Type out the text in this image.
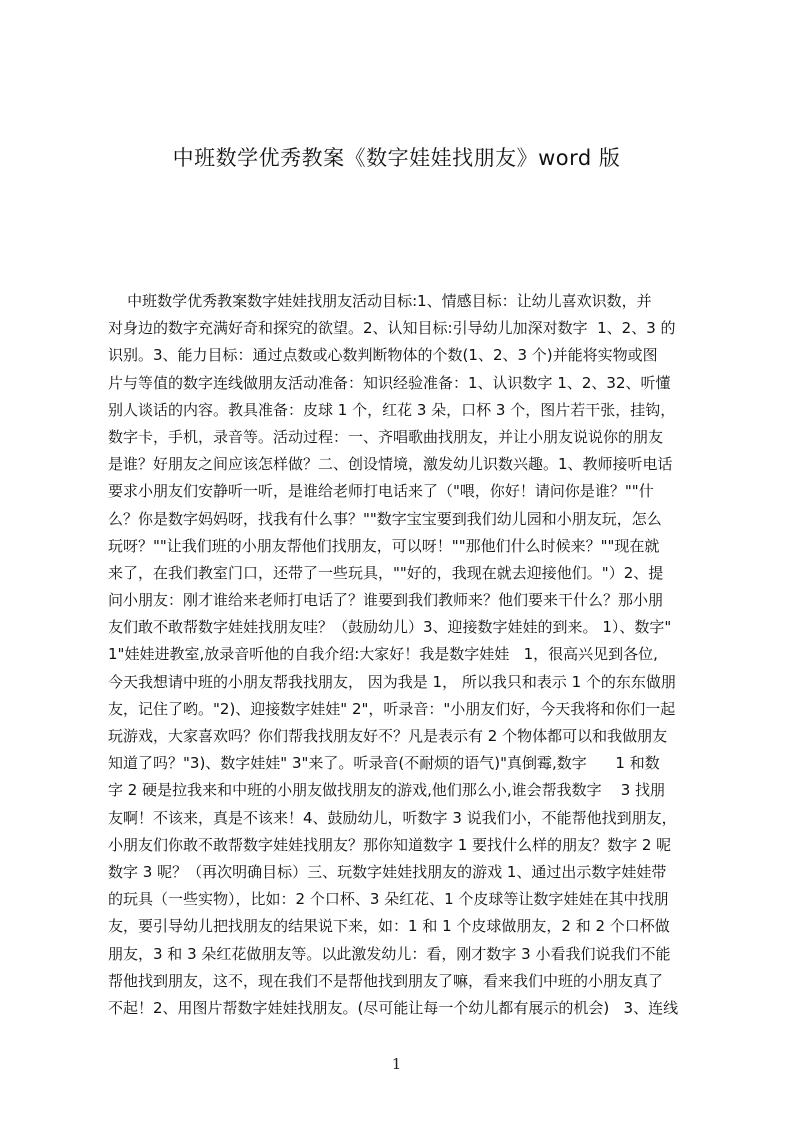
中班数学优秀教案《数字娃娃找朋友》word 版
中班数学优秀教案数字娃娃找朋友活动目标:1、情感目标：让幼儿喜欢识数，并
对身边的数字充满好奇和探究的欲望。2、认知目标:引导幼儿加深对数字  1、2、3 的
识别。3、能力目标：通过点数或心数判断物体的个数(1、2、3 个)并能将实物或图
片与等值的数字连线做朋友活动准备：知识经验准备：1、认识数字 1、2、32、听懂
别人谈话的内容。教具准备：皮球 1 个，红花 3 朵，口杯 3 个，图片若干张，挂钩，
数字卡，手机，录音等。活动过程：一、齐唱歌曲找朋友，并让小朋友说说你的朋友
是谁？好朋友之间应该怎样做？二、创设情境，激发幼儿识数兴趣。1、教师接听电话
要求小朋友们安静听一听，是谁给老师打电话来了（"喂，你好！请问你是谁？""什
么？你是数字妈妈呀，找我有什么事？""数字宝宝要到我们幼儿园和小朋友玩，怎么
玩呀？""让我们班的小朋友帮他们找朋友，可以呀！""那他们什么时候来？""现在就
来了，在我们教室门口，还带了一些玩具，""好的，我现在就去迎接他们。"）2、提
问小朋友：刚才谁给来老师打电话了？谁要到我们教师来？他们要来干什么？那小朋
友们敢不敢帮数字娃娃找朋友哇？（鼓励幼儿）3、迎接数字娃娃的到来。 1）、数字"
1"娃娃进教室,放录音听他的自我介绍:大家好！我是数字娃娃   1，很高兴见到各位,
今天我想请中班的小朋友帮我找朋友， 因为我是 1， 所以我只和表示 1 个的东东做朋
友，记住了哟。"2)、迎接数字娃娃" 2"，听录音："小朋友们好，今天我将和你们一起
玩游戏，大家喜欢吗？你们帮我找朋友好不？凡是表示有 2 个物体都可以和我做朋友
知道了吗？"3)、数字娃娃" 3"来了。听录音(不耐烦的语气)"真倒霉,数字      1 和数
字 2 硬是拉我来和中班的小朋友做找朋友的游戏,他们那么小,谁会帮我数字    3 找朋
友啊！不该来，真是不该来！4、鼓励幼儿，听数字 3 说我们小，不能帮他找到朋友，
小朋友们你敢不敢帮数字娃娃找朋友？那你知道数字 1 要找什么样的朋友？数字 2 呢
数字 3 呢？（再次明确目标）三、玩数字娃娃找朋友的游戏 1、通过出示数字娃娃带
的玩具（一些实物），比如：2 个口杯、3 朵红花、1 个皮球等让数字娃娃在其中找朋
友，要引导幼儿把找朋友的结果说下来，如：1 和 1 个皮球做朋友，2 和 2 个口杯做
朋友，3 和 3 朵红花做朋友等。以此激发幼儿：看，刚才数字 3 小看我们说我们不能
帮他找到朋友，这不，现在我们不是帮他找到朋友了嘛，看来我们中班的小朋友真了
不起！2、用图片帮数字娃娃找朋友。(尽可能让每一个幼儿都有展示的机会)   3、连线
1
